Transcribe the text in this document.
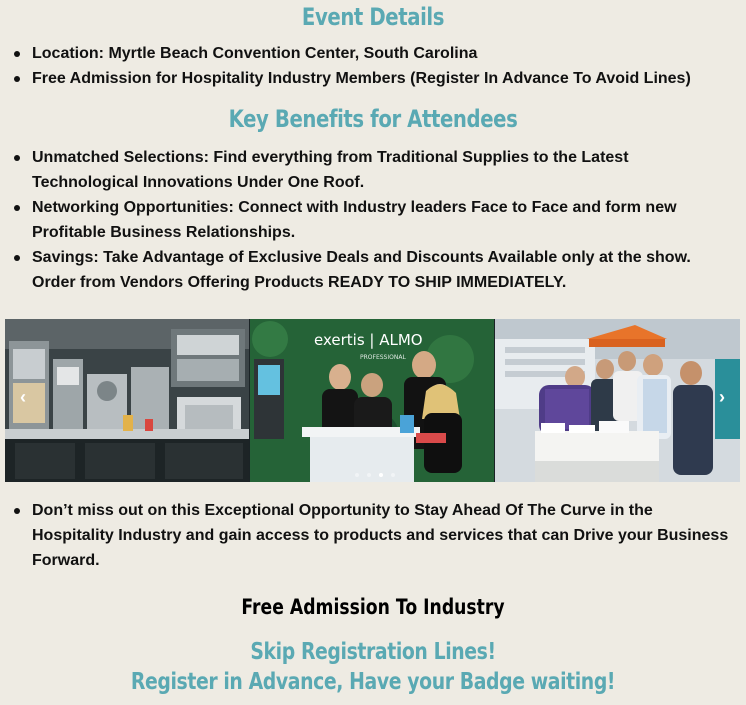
Event Details
Location: Myrtle Beach Convention Center, South Carolina
Free Admission for Hospitality Industry Members (Register In Advance To Avoid Lines)
Key Benefits for Attendees
Unmatched Selections: Find everything from Traditional Supplies to the Latest Technological Innovations Under One Roof.
Networking Opportunities: Connect with Industry leaders Face to Face and form new Profitable Business Relationships.
Savings: Take Advantage of Exclusive Deals and Discounts Available only at the show. Order from Vendors Offering Products READY TO SHIP IMMEDIATELY.
exertis | ALMO
PROFESSIONAL
‹	›
Don’t miss out on this Exceptional Opportunity to Stay Ahead Of The Curve in the Hospitality Industry and gain access to products and services that can Drive your Business Forward.
Free Admission To Industry
Skip Registration Lines!
Register in Advance, Have your Badge waiting!
